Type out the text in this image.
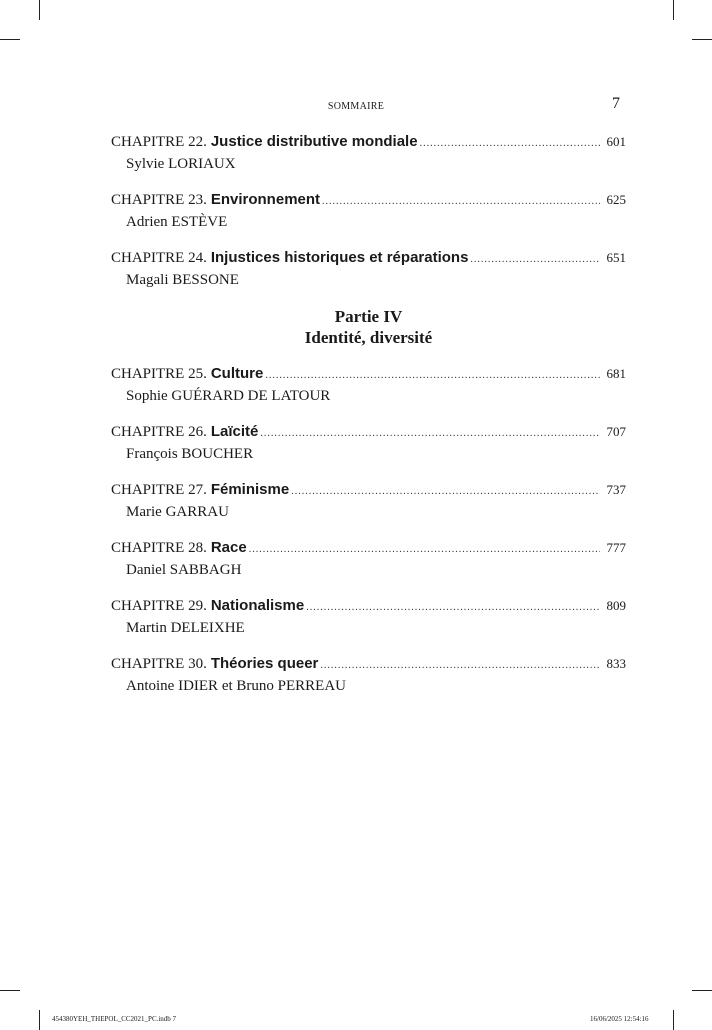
SOMMAIRE	7
CHAPITRE 22. Justice distributive mondiale .....	601
Sylvie LORIAUX
CHAPITRE 23. Environnement .....	625
Adrien ESTÈVE
CHAPITRE 24. Injustices historiques et réparations .....	651
Magali BESSONE
Partie IV
Identité, diversité
CHAPITRE 25. Culture .....	681
Sophie GUÉRARD DE LATOUR
CHAPITRE 26. Laïcité .....	707
François BOUCHER
CHAPITRE 27. Féminisme .....	737
Marie GARRAU
CHAPITRE 28. Race .....	777
Daniel SABBAGH
CHAPITRE 29. Nationalisme .....	809
Martin DELEIXHE
CHAPITRE 30. Théories queer .....	833
Antoine IDIER et Bruno PERREAU
454380YEH_THEPOL_CC2021_PC.indb 7	16/06/2025 12:54:16
